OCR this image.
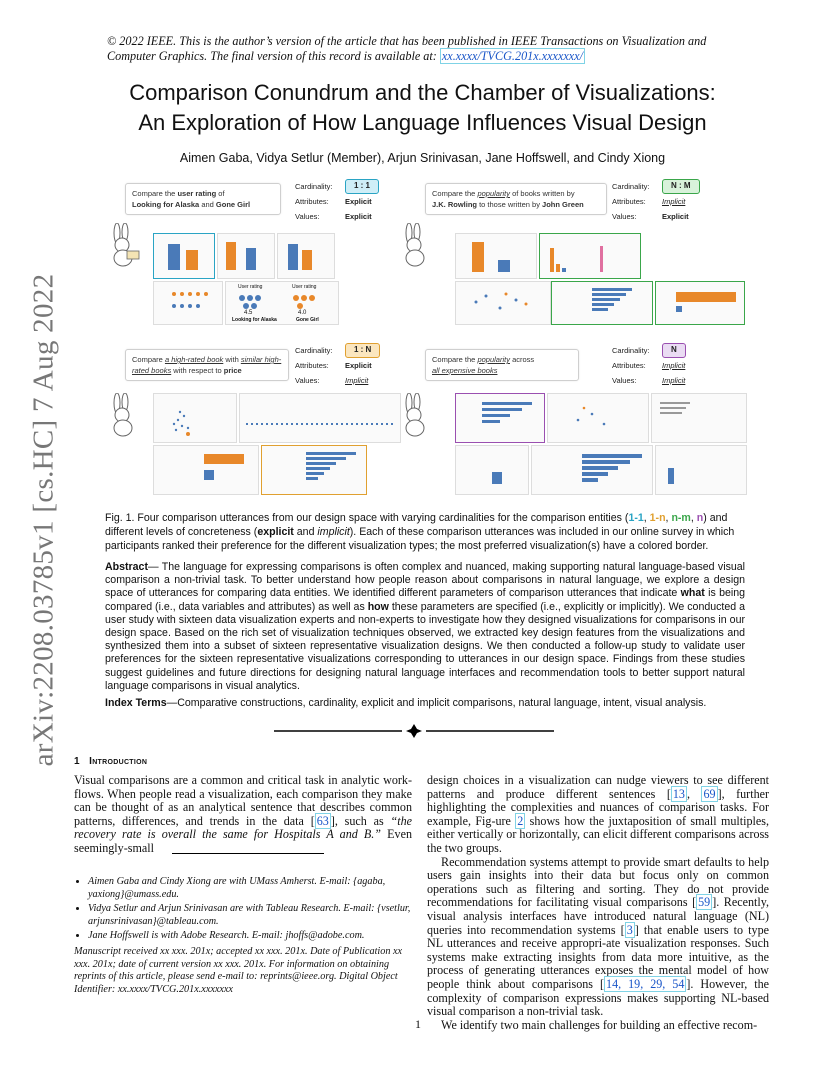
arXiv:2208.03785v1 [cs.HC] 7 Aug 2022
© 2022 IEEE. This is the author’s version of the article that has been published in IEEE Transactions on Visualization and Computer Graphics. The final version of this record is available at: xx.xxxx/TVCG.201x.xxxxxxx/
Comparison Conundrum and the Chamber of Visualizations:
An Exploration of How Language Influences Visual Design
Aimen Gaba, Vidya Setlur (Member), Arjun Srinivasan, Jane Hoffswell, and Cindy Xiong
Compare the user rating of
Looking for Alaska and Gone Girl
Cardinality:	1 : 1
Attributes:	Explicit
Values:	Explicit
User rating	User rating
4.5	4.0
Looking for Alaska	Gone Girl
Compare the popularity of books written by
J.K. Rowling to those written by John Green
Cardinality:	N : M
Attributes:	Implicit
Values:	Explicit
Compare a high-rated book with similar high-rated books with respect to price
Cardinality:	1 : N
Attributes:	Explicit
Values:	Implicit
Compare the popularity across
all expensive books
Cardinality:	N
Attributes:	Implicit
Values:	Implicit
Fig. 1. Four comparison utterances from our design space with varying cardinalities for the comparison entities (1-1, 1-n, n-m, n) and different levels of concreteness (explicit and implicit). Each of these comparison utterances was included in our online survey in which participants ranked their preference for the different visualization types; the most preferred visualization(s) have a colored border.
Abstract— The language for expressing comparisons is often complex and nuanced, making supporting natural language-based visual comparison a non-trivial task. To better understand how people reason about comparisons in natural language, we explore a design space of utterances for comparing data entities. We identified different parameters of comparison utterances that indicate what is being compared (i.e., data variables and attributes) as well as how these parameters are specified (i.e., explicitly or implicitly). We conducted a user study with sixteen data visualization experts and non-experts to investigate how they designed visualizations for comparisons in our design space. Based on the rich set of visualization techniques observed, we extracted key design features from the visualizations and synthesized them into a subset of sixteen representative visualization designs. We then conducted a follow-up study to validate user preferences for the sixteen representative visualizations corresponding to utterances in our design space. Findings from these studies suggest guidelines and future directions for designing natural language interfaces and recommendation tools to better support natural language comparisons in visual analytics.
Index Terms—Comparative constructions, cardinality, explicit and implicit comparisons, natural language, intent, visual analysis.
1 Introduction
Visual comparisons are a common and critical task in analytic work-flows. When people read a visualization, each comparison they make can be thought of as an analytical sentence that describes common patterns, differences, and trends in the data [ 63 ], such as “the recovery rate is overall the same for Hospitals A and B.” Even seemingly-small
• Aimen Gaba and Cindy Xiong are with UMass Amherst. E-mail: {agaba, yaxiong}@umass.edu.
• Vidya Setlur and Arjun Srinivasan are with Tableau Research. E-mail: {vsetlur, arjunsrinivasan}@tableau.com.
• Jane Hoffswell is with Adobe Research. E-mail: jhoffs@adobe.com.
Manuscript received xx xxx. 201x; accepted xx xxx. 201x. Date of Publication xx xxx. 201x; date of current version xx xxx. 201x. For information on obtaining reprints of this article, please send e-mail to: reprints@ieee.org. Digital Object Identifier: xx.xxxx/TVCG.201x.xxxxxxx

design choices in a visualization can nudge viewers to see different patterns and produce different sentences [ 13 , 69 ], further highlighting the complexities and nuances of comparison tasks. For example, Fig-ure 2 shows how the juxtaposition of small multiples, either vertically or horizontally, can elicit different comparisons across the two groups.

Recommendation systems attempt to provide smart defaults to help users gain insights into their data but focus only on common operations such as filtering and sorting. They do not provide recommendations for facilitating visual comparisons [ 59 ]. Recently, visual analysis interfaces have introduced natural language (NL) queries into recommendation systems [ 3 ] that enable users to type NL utterances and receive appropri-ate visualization responses. Such systems make extracting insights from data more intuitive, as the process of generating utterances exposes the mental model of how people think about comparisons [ 14, 19, 29, 54 ]. However, the complexity of comparison expressions makes supporting NL-based visual comparison a non-trivial task.

We identify two main challenges for building an effective recom-

1
